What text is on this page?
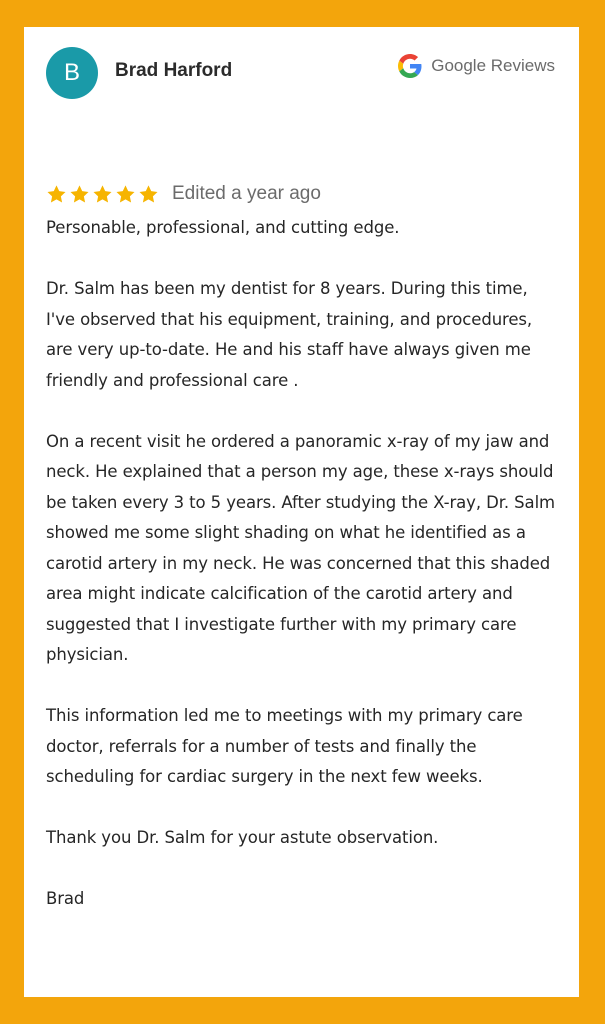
B	Brad Harford	Google Reviews
Edited a year ago

Personable, professional, and cutting edge.

Dr. Salm has been my dentist for 8 years. During this time, I've observed that his equipment, training, and procedures, are very up-to-date. He and his staff have always given me friendly and professional care .

On a recent visit he ordered a panoramic x-ray of my jaw and neck. He explained that a person my age, these x-rays should be taken every 3 to 5 years. After studying the X-ray, Dr. Salm showed me some slight shading on what he identified as a carotid artery in my neck. He was concerned that this shaded area might indicate calcification of the carotid artery and suggested that I investigate further with my primary care physician.

This information led me to meetings with my primary care doctor, referrals for a number of tests and finally the scheduling for cardiac surgery in the next few weeks.

Thank you Dr. Salm for your astute observation.

Brad
